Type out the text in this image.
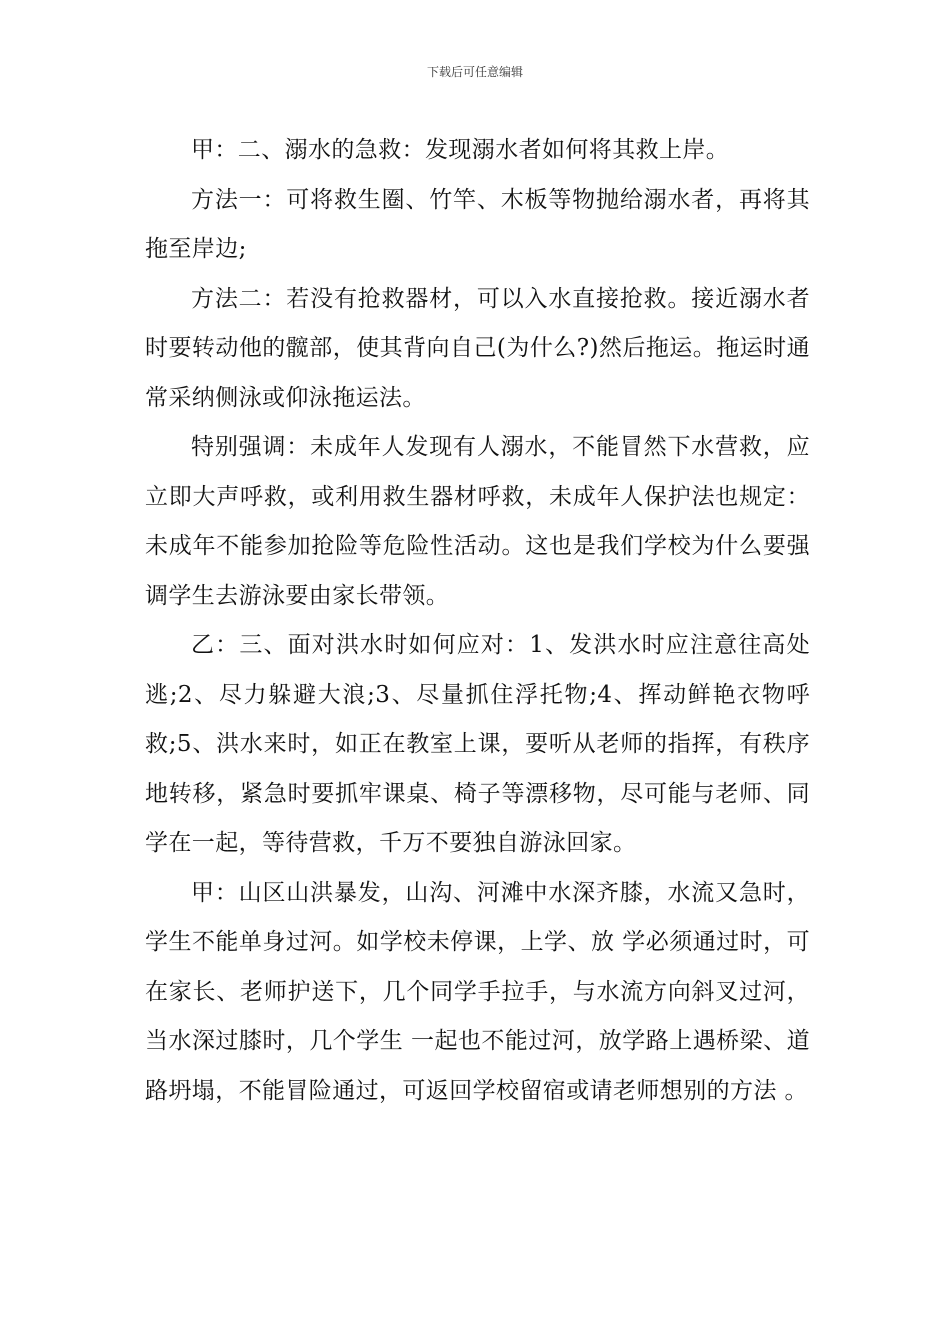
下载后可任意编辑

甲：二、溺水的急救：发现溺水者如何将其救上岸。

方法一：可将救生圈、竹竿、木板等物抛给溺水者，再将其拖至岸边;

方法二：若没有抢救器材，可以入水直接抢救。接近溺水者时要转动他的髋部，使其背向自己(为什么?)然后拖运。拖运时通常采纳侧泳或仰泳拖运法。

特别强调：未成年人发现有人溺水，不能冒然下水营救，应立即大声呼救，或利用救生器材呼救，未成年人保护法也规定：未成年不能参加抢险等危险性活动。这也是我们学校为什么要强调学生去游泳要由家长带领。

乙：三、面对洪水时如何应对：1、发洪水时应注意往高处逃;2、尽力躲避大浪;3、尽量抓住浮托物;4、挥动鲜艳衣物呼救;5、洪水来时，如正在教室上课，要听从老师的指挥，有秩序地转移，紧急时要抓牢课桌、椅子等漂移物，尽可能与老师、同学在一起，等待营救，千万不要独自游泳回家。

甲：山区山洪暴发，山沟、河滩中水深齐膝，水流又急时，学生不能单身过河。如学校未停课，上学、放 学必须通过时，可在家长、老师护送下，几个同学手拉手，与水流方向斜叉过河，当水深过膝时，几个学生 一起也不能过河，放学路上遇桥梁、道路坍塌，不能冒险通过，可返回学校留宿或请老师想别的方法 。
